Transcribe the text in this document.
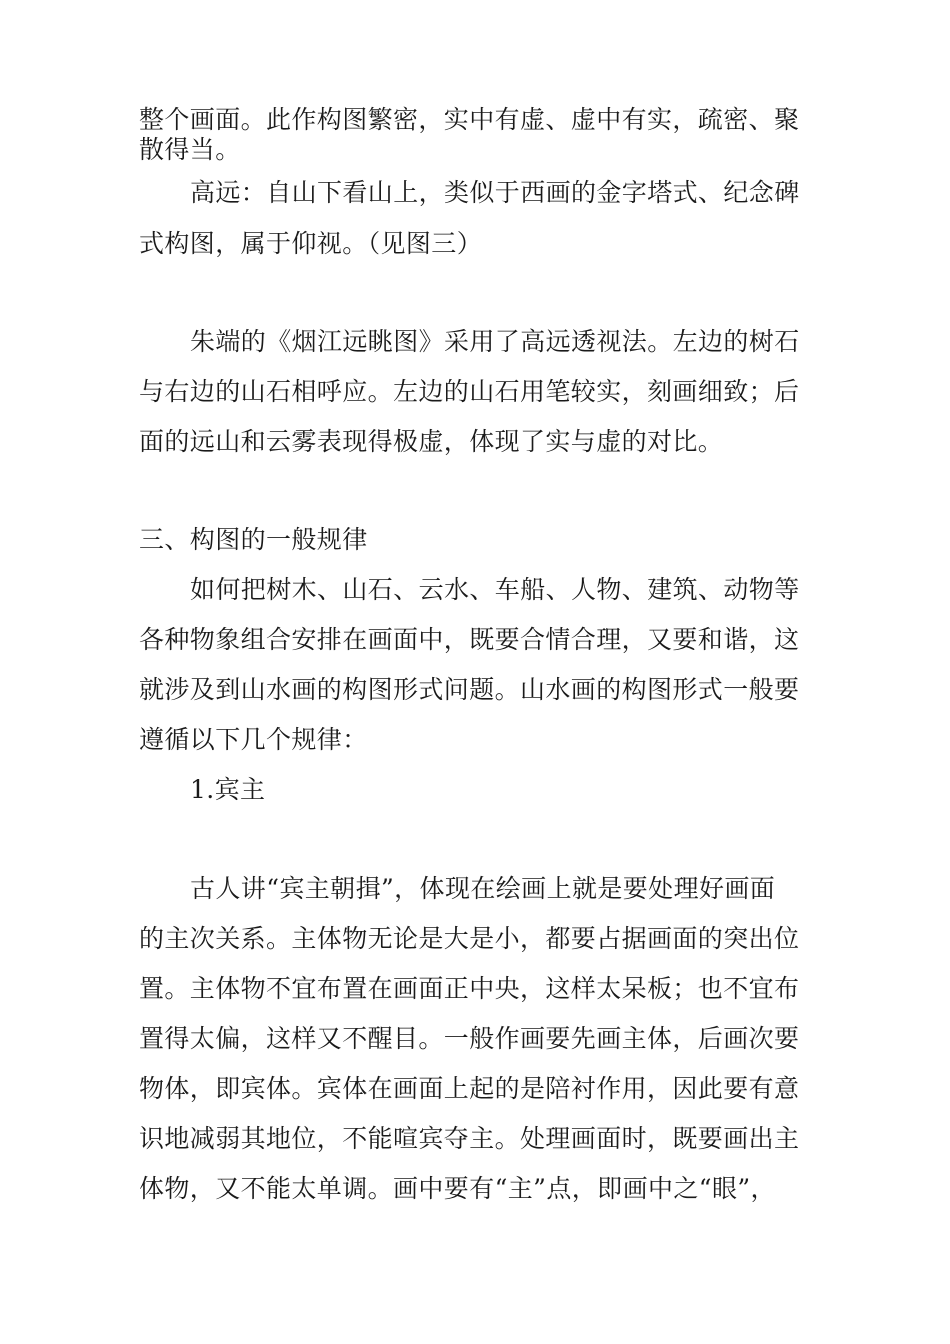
整个画面。此作构图繁密，实中有虚、虚中有实，疏密、聚
散得当。
高远：自山下看山上，类似于西画的金字塔式、纪念碑
式构图，属于仰视。（见图三）
朱端的《烟江远眺图》采用了高远透视法。左边的树石
与右边的山石相呼应。左边的山石用笔较实，刻画细致；后
面的远山和云雾表现得极虚，体现了实与虚的对比。
三、构图的一般规律
如何把树木、山石、云水、车船、人物、建筑、动物等
各种物象组合安排在画面中，既要合情合理，又要和谐，这
就涉及到山水画的构图形式问题。山水画的构图形式一般要
遵循以下几个规律：
1.宾主
古人讲“宾主朝揖”，体现在绘画上就是要处理好画面
的主次关系。主体物无论是大是小，都要占据画面的突出位
置。主体物不宜布置在画面正中央，这样太呆板；也不宜布
置得太偏，这样又不醒目。一般作画要先画主体，后画次要
物体，即宾体。宾体在画面上起的是陪衬作用，因此要有意
识地减弱其地位，不能喧宾夺主。处理画面时，既要画出主
体物，又不能太单调。画中要有“主”点，即画中之“眼”，
